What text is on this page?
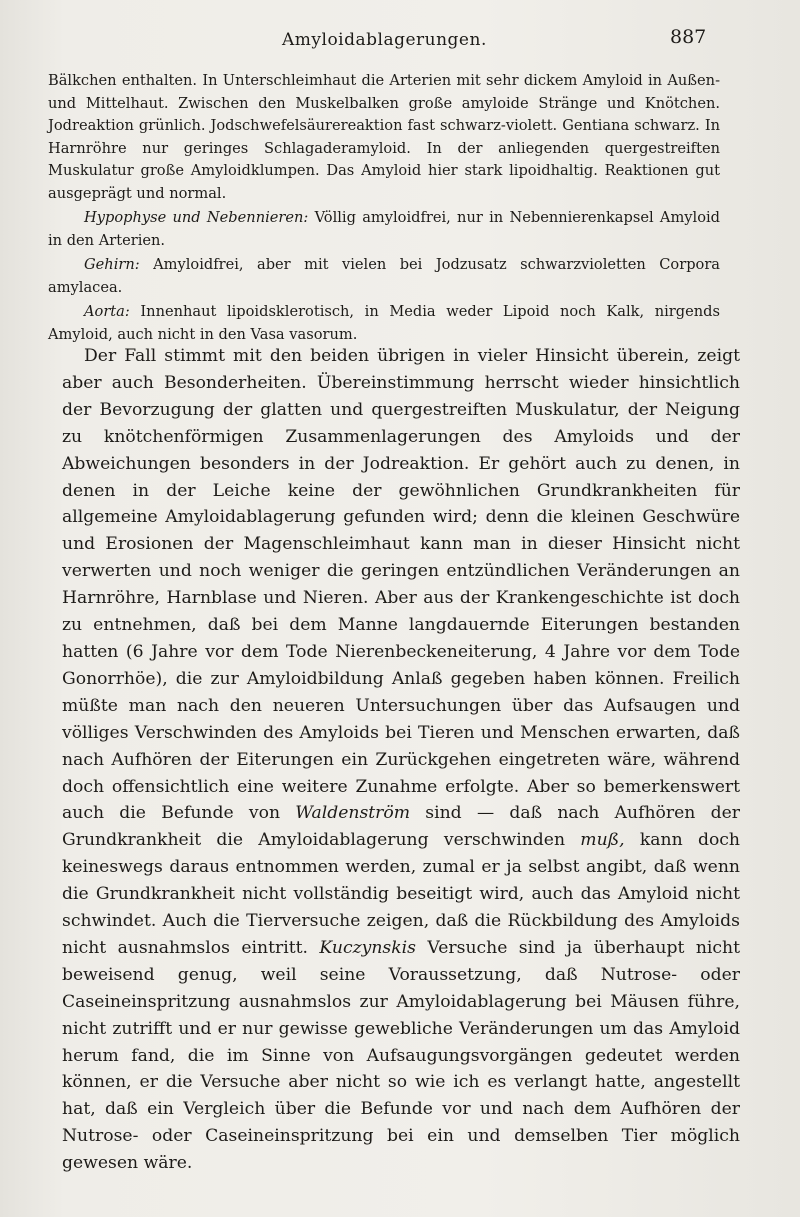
Amyloidablagerungen.	887

Bälkchen enthalten. In Unterschleimhaut die Arterien mit sehr dickem Amyloid in Außen- und Mittelhaut. Zwischen den Muskelbalken große amyloide Stränge und Knötchen. Jodreaktion grünlich. Jodschwefelsäurereaktion fast schwarz-violett. Gentiana schwarz. In Harnröhre nur geringes Schlagaderamyloid. In der anliegenden quergestreiften Muskulatur große Amyloidklumpen. Das Amyloid hier stark lipoidhaltig. Reaktionen gut ausgeprägt und normal.

Hypophyse und Nebennieren: Völlig amyloidfrei, nur in Nebennierenkapsel Amyloid in den Arterien.

Gehirn: Amyloidfrei, aber mit vielen bei Jodzusatz schwarzvioletten Corpora amylacea.

Aorta: Innenhaut lipoidsklerotisch, in Media weder Lipoid noch Kalk, nirgends Amyloid, auch nicht in den Vasa vasorum.

Der Fall stimmt mit den beiden übrigen in vieler Hinsicht überein, zeigt aber auch Besonderheiten. Übereinstimmung herrscht wieder hinsichtlich der Bevorzugung der glatten und quergestreiften Muskulatur, der Neigung zu knötchenförmigen Zusammenlagerungen des Amyloids und der Abweichungen besonders in der Jodreaktion. Er gehört auch zu denen, in denen in der Leiche keine der gewöhnlichen Grundkrankheiten für allgemeine Amyloidablagerung gefunden wird; denn die kleinen Geschwüre und Erosionen der Magenschleimhaut kann man in dieser Hinsicht nicht verwerten und noch weniger die geringen entzündlichen Veränderungen an Harnröhre, Harnblase und Nieren. Aber aus der Krankengeschichte ist doch zu entnehmen, daß bei dem Manne langdauernde Eiterungen bestanden hatten (6 Jahre vor dem Tode Nierenbeckeneiterung, 4 Jahre vor dem Tode Gonorrhöe), die zur Amyloidbildung Anlaß gegeben haben können. Freilich müßte man nach den neueren Untersuchungen über das Aufsaugen und völliges Verschwinden des Amyloids bei Tieren und Menschen erwarten, daß nach Aufhören der Eiterungen ein Zurückgehen eingetreten wäre, während doch offensichtlich eine weitere Zunahme erfolgte. Aber so bemerkenswert auch die Befunde von Waldenström sind — daß nach Aufhören der Grundkrankheit die Amyloidablagerung verschwinden muß, kann doch keineswegs daraus entnommen werden, zumal er ja selbst angibt, daß wenn die Grundkrankheit nicht vollständig beseitigt wird, auch das Amyloid nicht schwindet. Auch die Tierversuche zeigen, daß die Rückbildung des Amyloids nicht ausnahmslos eintritt. Kuczynskis Versuche sind ja überhaupt nicht beweisend genug, weil seine Voraussetzung, daß Nutrose- oder Caseineinspritzung ausnahmslos zur Amyloidablagerung bei Mäusen führe, nicht zutrifft und er nur gewisse gewebliche Veränderungen um das Amyloid herum fand, die im Sinne von Aufsaugungsvorgängen gedeutet werden können, er die Versuche aber nicht so wie ich es verlangt hatte, angestellt hat, daß ein Vergleich über die Befunde vor und nach dem Aufhören der Nutrose- oder Caseineinspritzung bei ein und demselben Tier möglich gewesen wäre.
